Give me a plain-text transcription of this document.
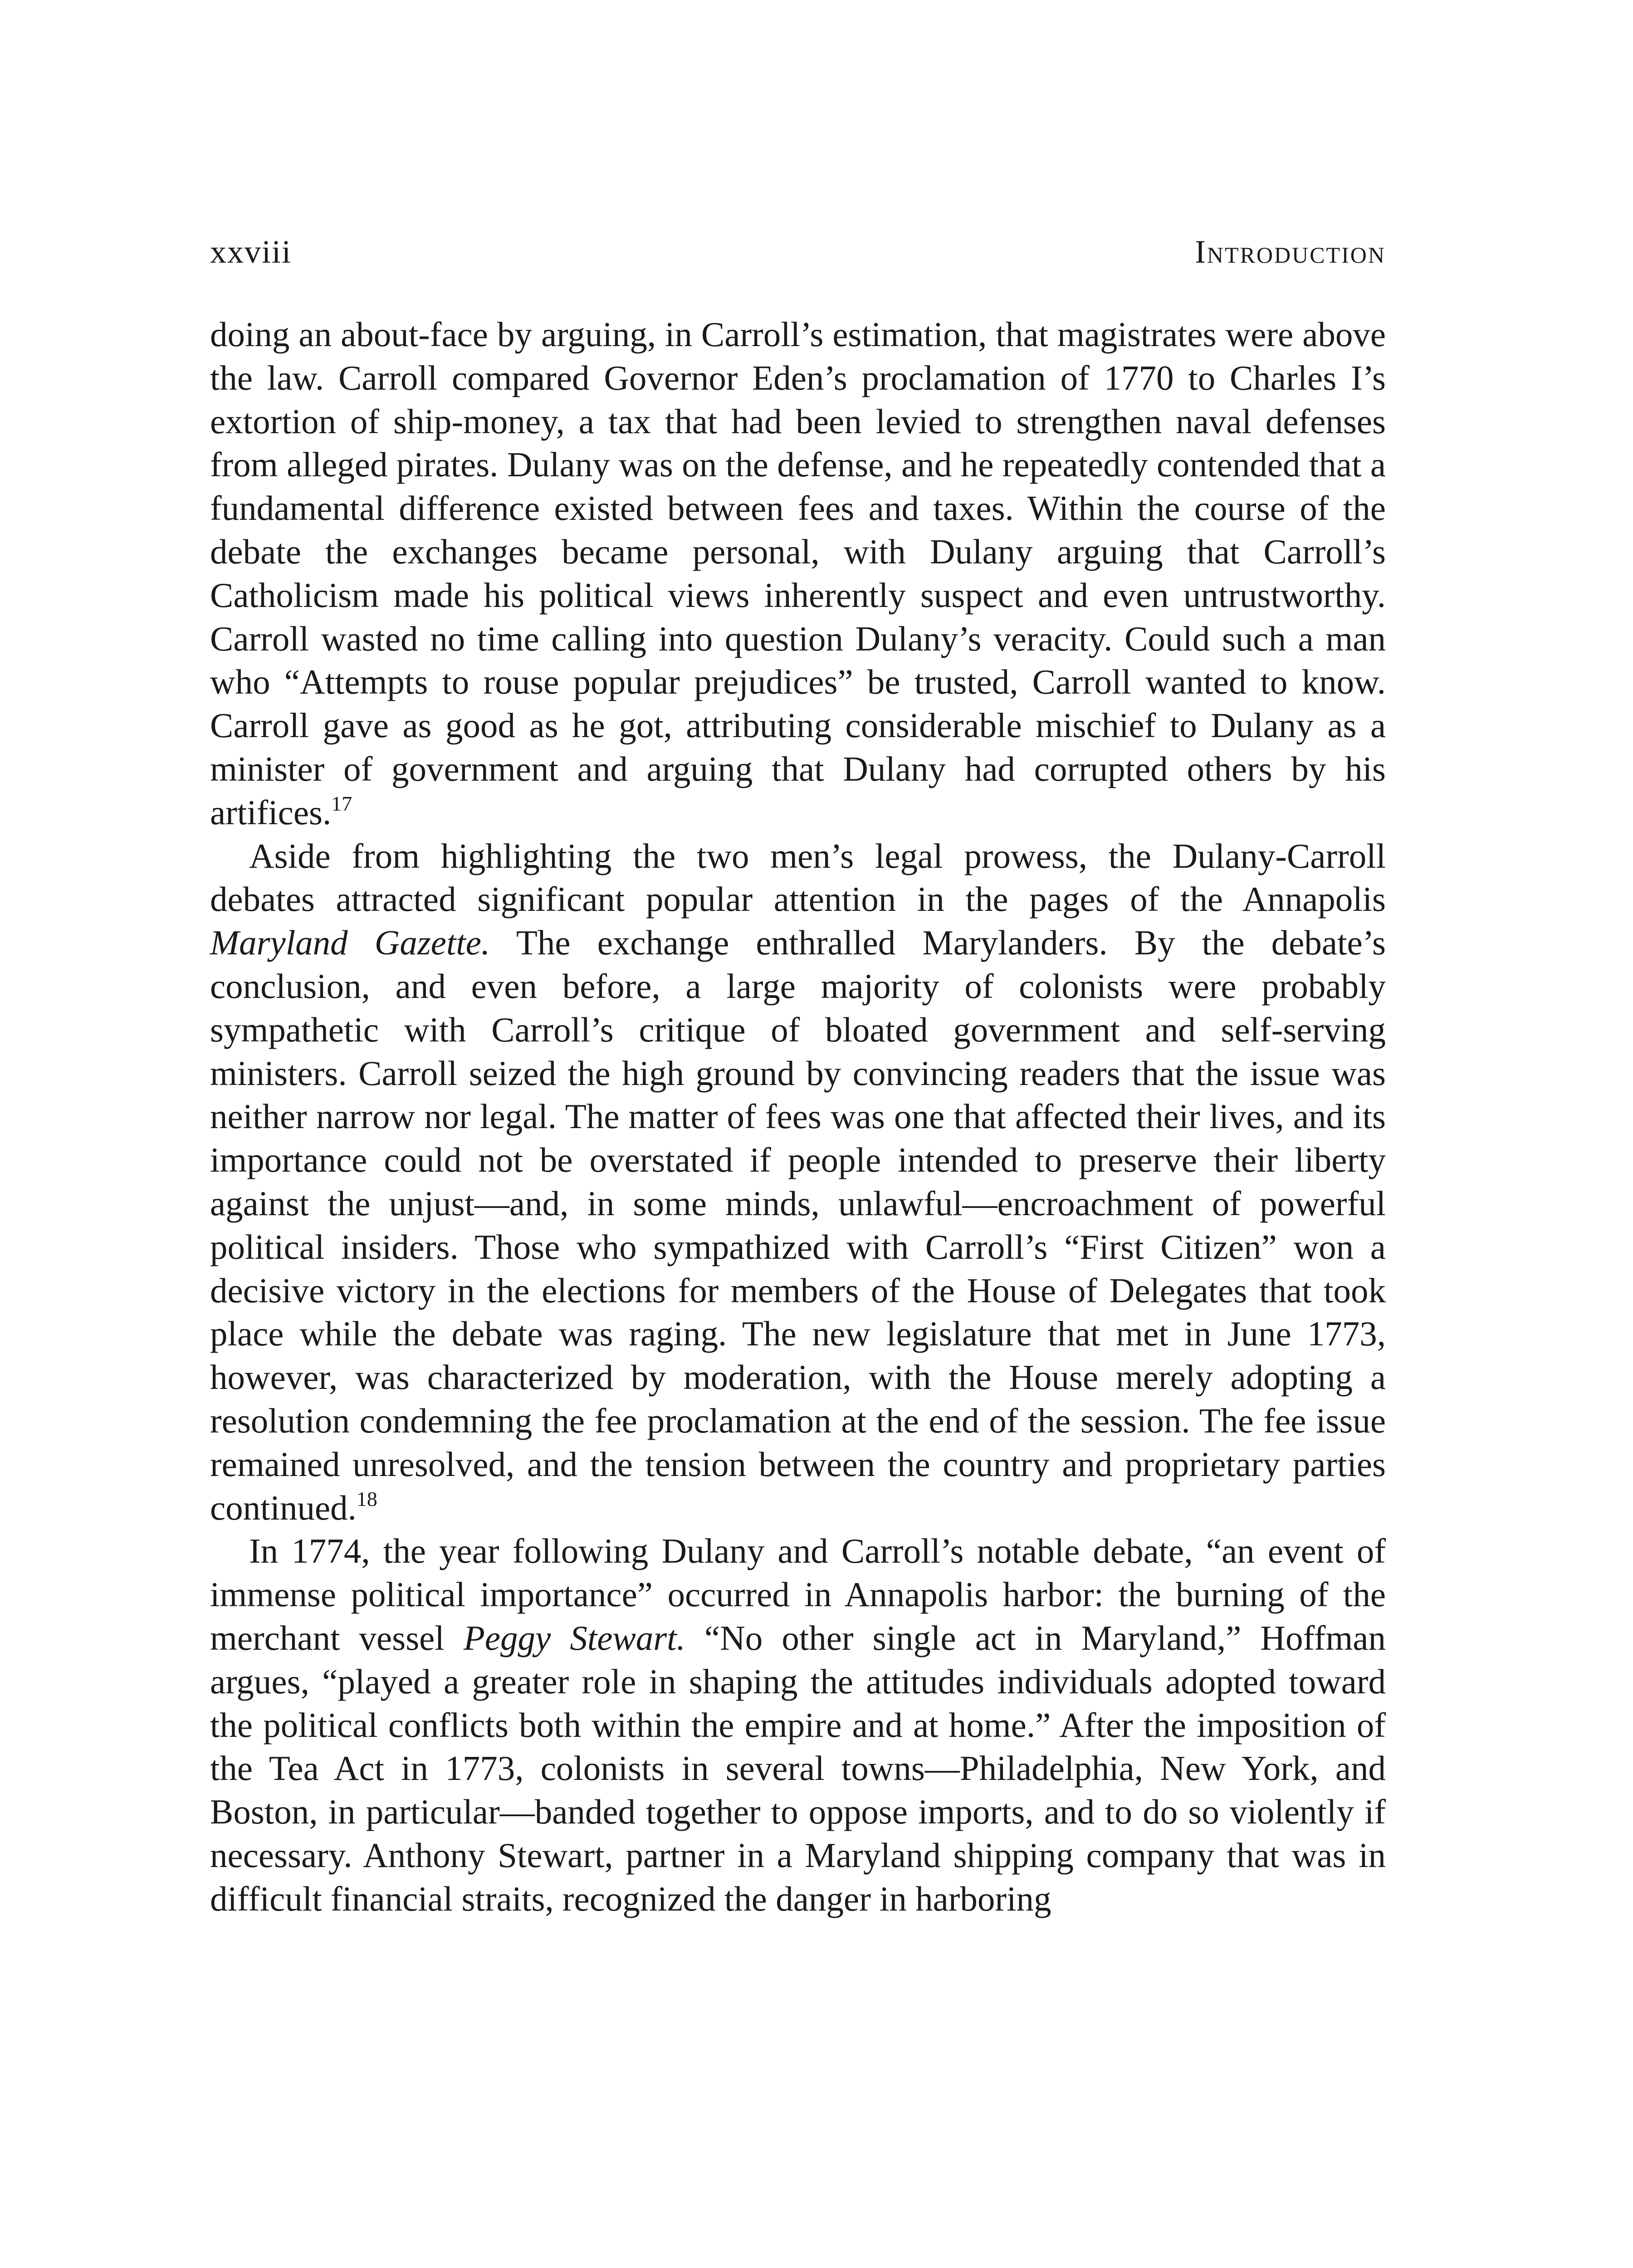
xxviii	Introduction

doing an about-face by arguing, in Carroll’s estimation, that magistrates were above the law. Carroll compared Governor Eden’s proclamation of 1770 to Charles I’s extortion of ship-money, a tax that had been levied to strengthen naval defenses from alleged pirates. Dulany was on the defense, and he repeatedly contended that a fundamental difference existed between fees and taxes. Within the course of the debate the exchanges became personal, with Dulany arguing that Carroll’s Catholicism made his political views inherently suspect and even untrustworthy. Carroll wasted no time calling into question Dulany’s veracity. Could such a man who “Attempts to rouse popular prejudices” be trusted, Carroll wanted to know. Carroll gave as good as he got, attributing considerable mischief to Dulany as a minister of government and arguing that Dulany had corrupted others by his artifices.$^{17}$

Aside from highlighting the two men’s legal prowess, the Dulany-Carroll debates attracted significant popular attention in the pages of the Annapolis Maryland Gazette. The exchange enthralled Marylanders. By the debate’s conclusion, and even before, a large majority of colonists were probably sympathetic with Carroll’s critique of bloated government and self-serving ministers. Carroll seized the high ground by convincing readers that the issue was neither narrow nor legal. The matter of fees was one that affected their lives, and its importance could not be overstated if people intended to preserve their liberty against the unjust—and, in some minds, unlawful—encroachment of powerful political insiders. Those who sympathized with Carroll’s “First Citizen” won a decisive victory in the elections for members of the House of Delegates that took place while the debate was raging. The new legislature that met in June 1773, however, was characterized by moderation, with the House merely adopting a resolution condemning the fee proclamation at the end of the session. The fee issue remained unresolved, and the tension between the country and proprietary parties continued.$^{18}$

In 1774, the year following Dulany and Carroll’s notable debate, “an event of immense political importance” occurred in Annapolis harbor: the burning of the merchant vessel Peggy Stewart. “No other single act in Maryland,” Hoffman argues, “played a greater role in shaping the attitudes individuals adopted toward the political conflicts both within the empire and at home.” After the imposition of the Tea Act in 1773, colonists in several towns—Philadelphia, New York, and Boston, in particular—banded together to oppose imports, and to do so violently if necessary. Anthony Stewart, partner in a Maryland shipping company that was in difficult financial straits, recognized the danger in harboring
